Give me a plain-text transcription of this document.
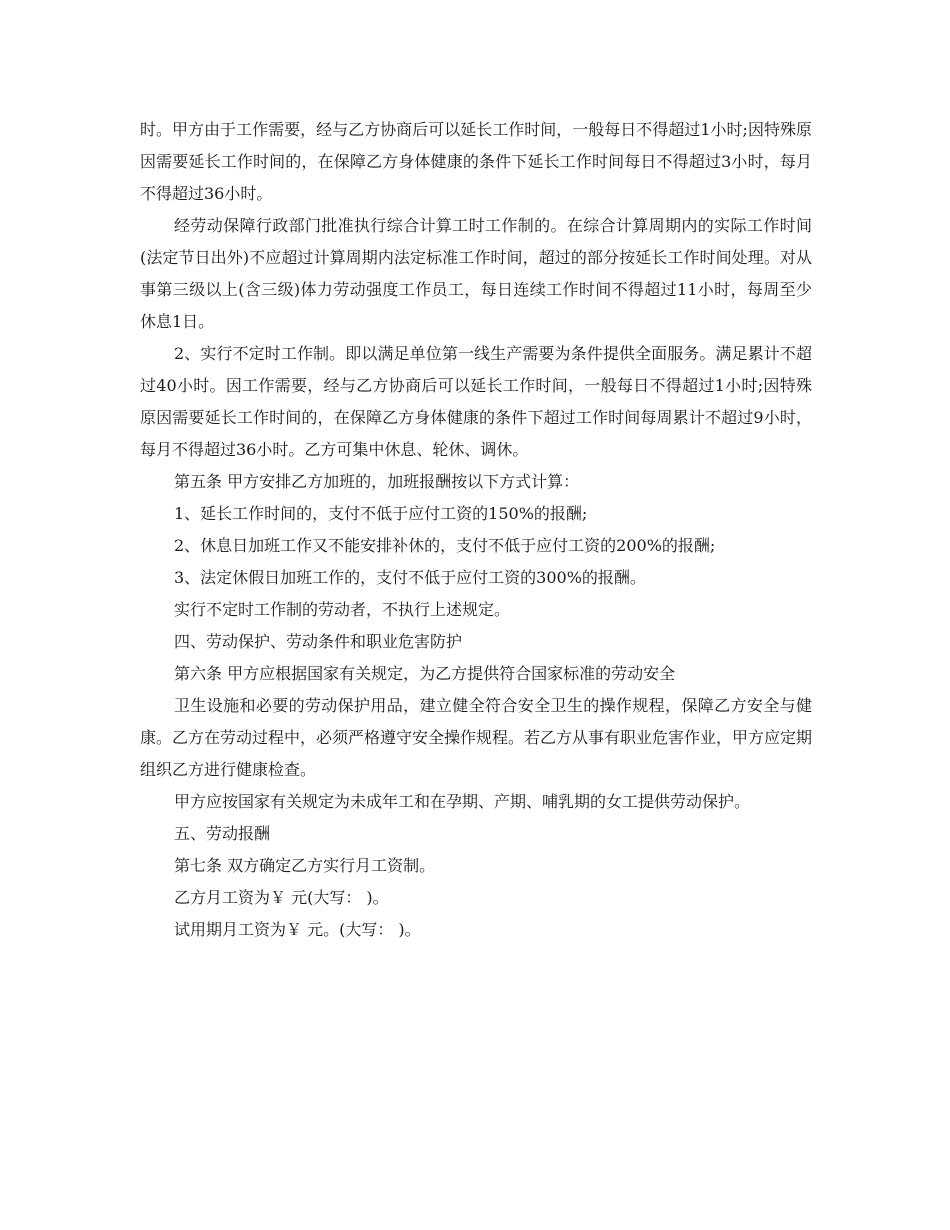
时。甲方由于工作需要，经与乙方协商后可以延长工作时间，一般每日不得超过1小时;因特殊原因需要延长工作时间的，在保障乙方身体健康的条件下延长工作时间每日不得超过3小时，每月不得超过36小时。

经劳动保障行政部门批准执行综合计算工时工作制的。在综合计算周期内的实际工作时间(法定节日出外)不应超过计算周期内法定标准工作时间，超过的部分按延长工作时间处理。对从事第三级以上(含三级)体力劳动强度工作员工，每日连续工作时间不得超过11小时，每周至少休息1日。

2、实行不定时工作制。即以满足单位第一线生产需要为条件提供全面服务。满足累计不超过40小时。因工作需要，经与乙方协商后可以延长工作时间，一般每日不得超过1小时;因特殊原因需要延长工作时间的，在保障乙方身体健康的条件下超过工作时间每周累计不超过9小时，每月不得超过36小时。乙方可集中休息、轮休、调休。

第五条 甲方安排乙方加班的，加班报酬按以下方式计算：

1、延长工作时间的，支付不低于应付工资的150%的报酬;

2、休息日加班工作又不能安排补休的，支付不低于应付工资的200%的报酬;

3、法定休假日加班工作的，支付不低于应付工资的300%的报酬。

实行不定时工作制的劳动者，不执行上述规定。

四、劳动保护、劳动条件和职业危害防护

第六条 甲方应根据国家有关规定，为乙方提供符合国家标准的劳动安全

卫生设施和必要的劳动保护用品，建立健全符合安全卫生的操作规程，保障乙方安全与健康。乙方在劳动过程中，必须严格遵守安全操作规程。若乙方从事有职业危害作业，甲方应定期组织乙方进行健康检查。

甲方应按国家有关规定为未成年工和在孕期、产期、哺乳期的女工提供劳动保护。

五、劳动报酬

第七条 双方确定乙方实行月工资制。

乙方月工资为￥ 元(大写： )。

试用期月工资为￥ 元。(大写： )。
